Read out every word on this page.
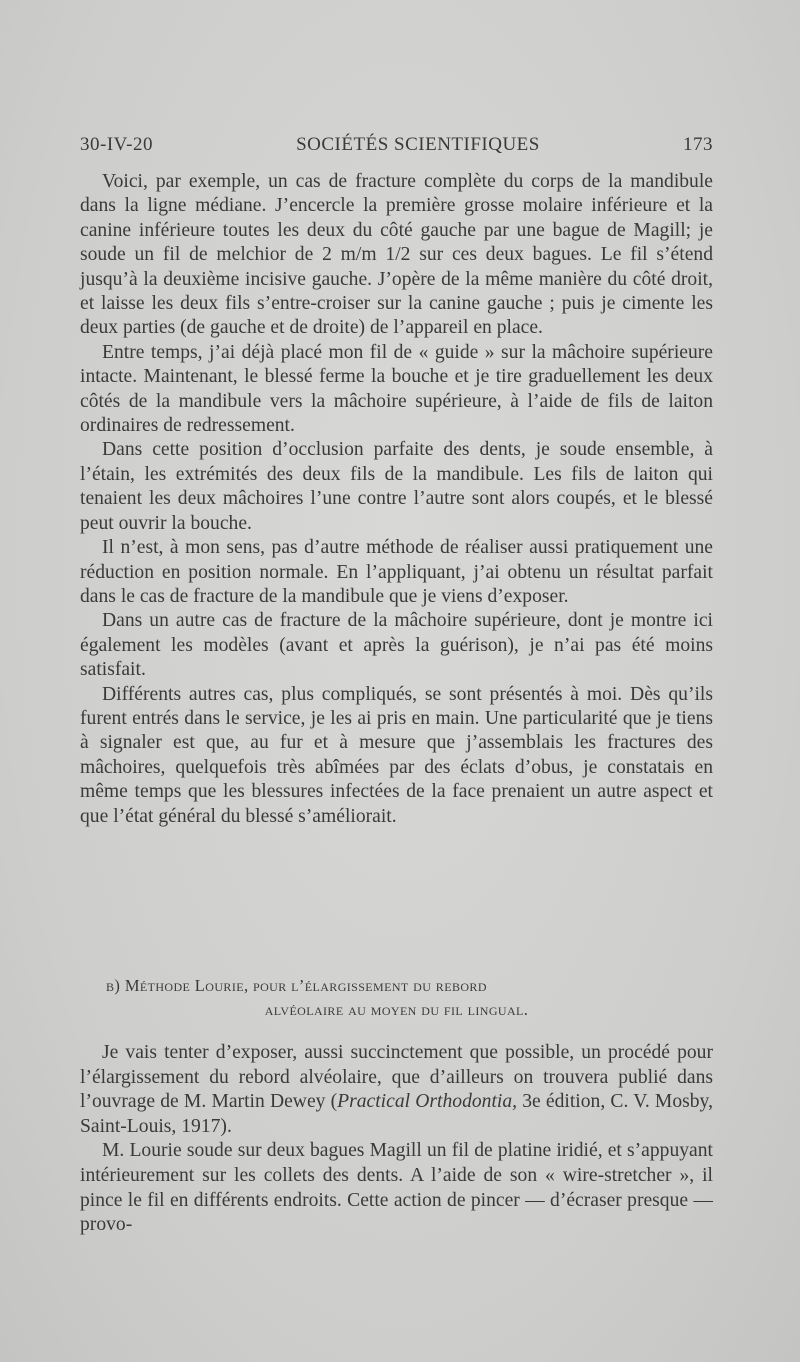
30-IV-20	SOCIÉTÉS SCIENTIFIQUES	173

Voici, par exemple, un cas de fracture complète du corps de la mandibule dans la ligne médiane. J’encercle la première grosse molaire inférieure et la canine inférieure toutes les deux du côté gauche par une bague de Magill; je soude un fil de melchior de 2 m/m 1/2 sur ces deux bagues. Le fil s’étend jusqu’à la deuxième incisive gauche. J’opère de la même manière du côté droit, et laisse les deux fils s’entre-croiser sur la canine gauche ; puis je cimente les deux parties (de gauche et de droite) de l’appareil en place.

Entre temps, j’ai déjà placé mon fil de « guide » sur la mâchoire supérieure intacte. Maintenant, le blessé ferme la bouche et je tire graduellement les deux côtés de la mandibule vers la mâchoire supérieure, à l’aide de fils de laiton ordinaires de redressement.

Dans cette position d’occlusion parfaite des dents, je soude ensemble, à l’étain, les extrémités des deux fils de la mandibule. Les fils de laiton qui tenaient les deux mâchoires l’une contre l’autre sont alors coupés, et le blessé peut ouvrir la bouche.

Il n’est, à mon sens, pas d’autre méthode de réaliser aussi pratiquement une réduction en position normale. En l’appliquant, j’ai obtenu un résultat parfait dans le cas de fracture de la mandibule que je viens d’exposer.

Dans un autre cas de fracture de la mâchoire supérieure, dont je montre ici également les modèles (avant et après la guérison), je n’ai pas été moins satisfait.

Différents autres cas, plus compliqués, se sont présentés à moi. Dès qu’ils furent entrés dans le service, je les ai pris en main. Une particularité que je tiens à signaler est que, au fur et à mesure que j’assemblais les fractures des mâchoires, quelquefois très abîmées par des éclats d’obus, je constatais en même temps que les blessures infectées de la face prenaient un autre aspect et que l’état général du blessé s’améliorait.

b) Méthode Lourie, pour l’élargissement du rebord
alvéolaire au moyen du fil lingual.

Je vais tenter d’exposer, aussi succinctement que possible, un procédé pour l’élargissement du rebord alvéolaire, que d’ailleurs on trouvera publié dans l’ouvrage de M. Martin Dewey (Practical Orthodontia, 3e édition, C. V. Mosby, Saint-Louis, 1917).

M. Lourie soude sur deux bagues Magill un fil de platine iridié, et s’appuyant intérieurement sur les collets des dents. A l’aide de son « wire-stretcher », il pince le fil en différents endroits. Cette action de pincer — d’écraser presque — provo-
